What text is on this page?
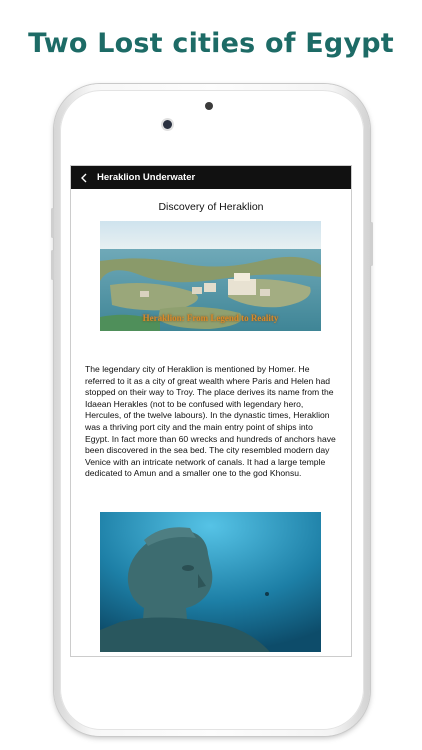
Two Lost cities of Egypt
Heraklion Underwater
Discovery of Heraklion
Heraklion: From Legend to Reality
The legendary city of Heraklion is mentioned by Homer. He referred to it as a city of great wealth where Paris and Helen had stopped on their way to Troy. The place derives its name from the Idaean Herakles (not to be confused with legendary hero, Hercules, of the twelve labours). In the dynastic times, Heraklion was a thriving port city and the main entry point of ships into Egypt. In fact more than 60 wrecks and hundreds of anchors have been discovered in the sea bed. The city resembled modern day Venice with an intricate network of canals. It had a large temple dedicated to Amun and a smaller one to the god Khonsu.
